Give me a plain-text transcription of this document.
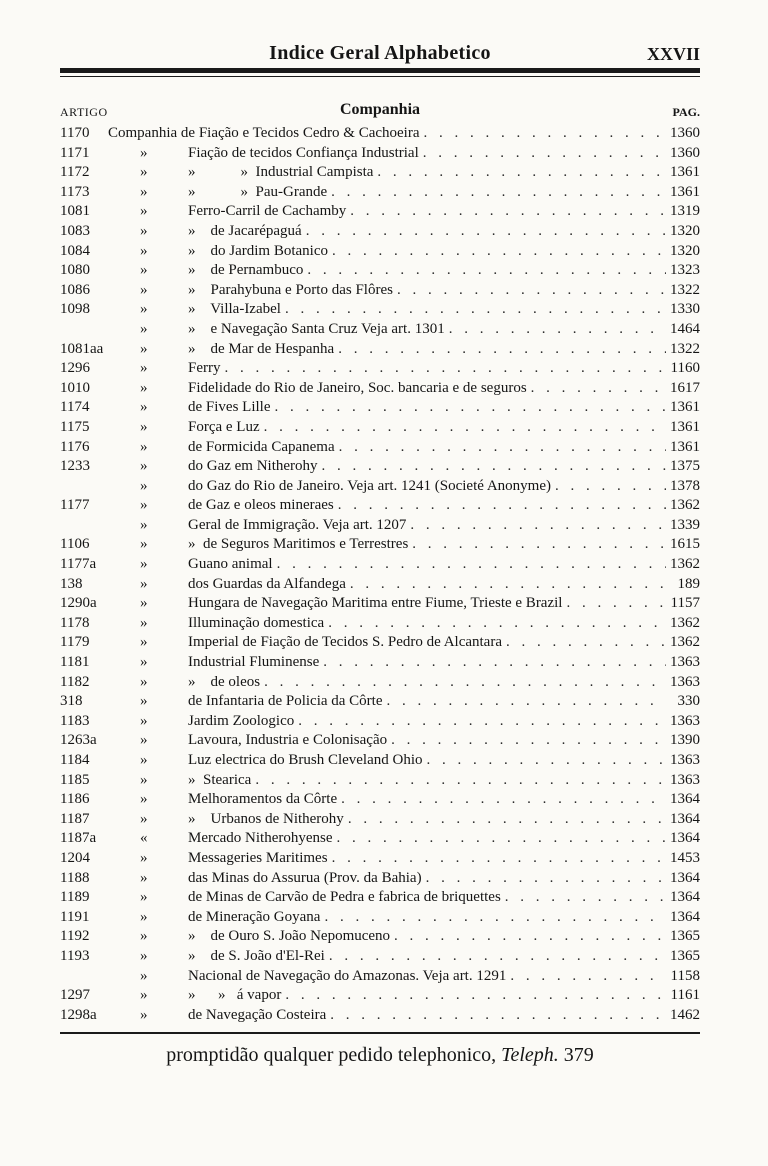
Indice Geral Alphabetico	XXVII
ARTIGO	Companhia	PAG.
1170	Companhia de Fiação e Tecidos Cedro & Cachoeira . . .	1360
1171	»	Fiação de tecidos Confiança Industrial . . .	1360
1172	»	»            »  Industrial Campista . . .	1361
1173	»	»            »  Pau-Grande . . .	1361
1081	»	Ferro-Carril de Cachamby . . .	1319
1083	»	»    de Jacarépaguá . . .	1320
1084	»	»    do Jardim Botanico . . .	1320
1080	»	»    de Pernambuco . . .	1323
1086	»	»    Parahybuna e Porto das Flôres . . .	1322
1098	»	»    Villa-Izabel . . .	1330
»	»    e Navegação Santa Cruz Veja art. 1301 . . .	1464
1081aa	»	»    de Mar de Hespanha . . .	1322
1296	»	Ferry . . .	1160
1010	»	Fidelidade do Rio de Janeiro, Soc. bancaria e de seguros . . .	1617
1174	»	de Fives Lille . . .	1361
1175	»	Força e Luz . . .	1361
1176	»	de Formicida Capanema . . .	1361
1233	»	do Gaz em Nitherohy . . .	1375
»	do Gaz do Rio de Janeiro. Veja art. 1241 (Societé Anonyme) . . .	1378
1177	»	de Gaz e oleos mineraes . . .	1362
»	Geral de Immigração. Veja art. 1207 . . .	1339
1106	»	»  de Seguros Maritimos e Terrestres . . .	1615
1177a	»	Guano animal . . .	1362
138	»	dos Guardas da Alfandega . . .	189
1290a	»	Hungara de Navegação Maritima entre Fiume, Trieste e Brazil . . .	1157
1178	»	Illuminação domestica . . .	1362
1179	»	Imperial de Fiação de Tecidos S. Pedro de Alcantara . . .	1362
1181	»	Industrial Fluminense . . .	1363
1182	»	»    de oleos . . .	1363
318	»	de Infantaria de Policia da Côrte . . .	330
1183	»	Jardim Zoologico . . .	1363
1263a	»	Lavoura, Industria e Colonisação . . .	1390
1184	»	Luz electrica do Brush Cleveland Ohio . . .	1363
1185	»	»  Stearica . . .	1363
1186	»	Melhoramentos da Côrte . . .	1364
1187	»	»    Urbanos de Nitherohy . . .	1364
1187a	«	Mercado Nitherohyense . . .	1364
1204	»	Messageries Maritimes . . .	1453
1188	»	das Minas do Assurua (Prov. da Bahia) . . .	1364
1189	»	de Minas de Carvão de Pedra e fabrica de briquettes . . .	1364
1191	»	de Mineração Goyana . . .	1364
1192	»	»    de Ouro S. João Nepomuceno . . .	1365
1193	»	»    de S. João d'El-Rei . . .	1365
»	Nacional de Navegação do Amazonas. Veja art. 1291 . . .	1158
1297	»	»      »   á vapor . . .	1161
1298a	»	de Navegação Costeira . . .	1462
promptidão qualquer pedido telephonico, Teleph. 379
